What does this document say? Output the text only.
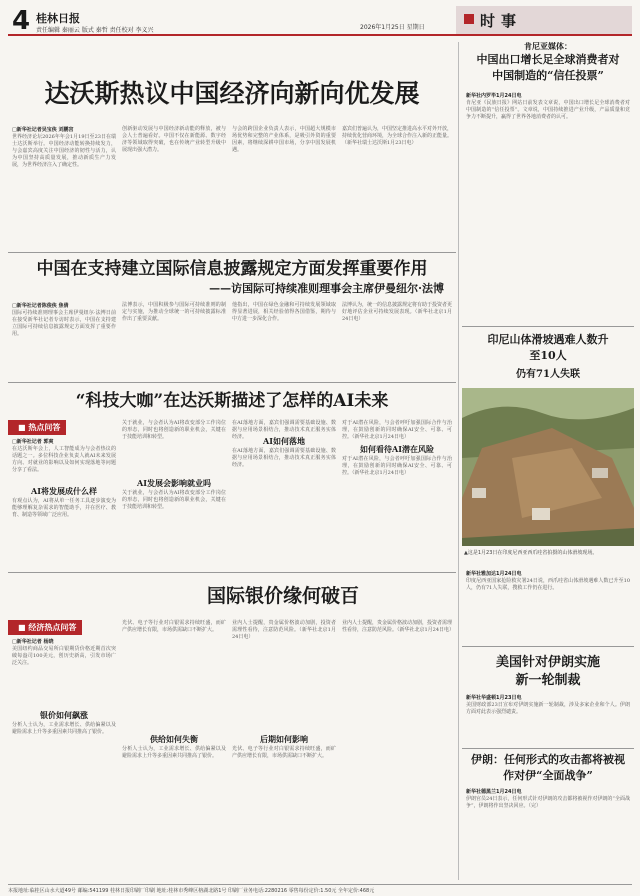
4 桂林日报
责任编辑 秦丽云 版式 秦哲 责任校对 李义兴	2026年1月25日 星期日	时事
达沃斯热议中国经济向新向优发展
□新华社记者吴宝侠 刘鹏宫
世界经济论坛2026年年会1月19日至23日在瑞士达沃斯举行。中国经济动能转换持续发力，与会嘉宾高度关注中国经济的韧性与活力，认为中国坚持高质量发展，推动新质生产力发展，为世界经济注入了确定性。
创新驱动发展与中国经济新动能的释放，被与会人士普遍看好。中国不仅在新能源、数字经济等领域取得突破，也在传统产业转型升级中展现出强大潜力。
与会的跨国企业负责人表示，中国超大规模市场优势和完整的产业体系，是吸引外资的重要因素，将继续深耕中国市场，分享中国发展机遇。
嘉宾们普遍认为，中国坚定推进高水平对外开放，持续优化营商环境，为全球合作注入新的正能量。（新华社瑞士达沃斯1月23日电）
中国在支持建立国际信息披露规定方面发挥重要作用
——访国际可持续准则理事会主席伊曼纽尔·法博
□新华社记者陈俊侠 焦倩
国际可持续准则理事会主席伊曼纽尔·法博日前在接受新华社记者专访时表示，中国在支持建立国际可持续信息披露规定方面发挥了重要作用。
法博表示，中国积极参与国际可持续准则的制定与实施，为推动全球统一的可持续披露标准作出了重要贡献。
他指出，中国在绿色金融和可持续发展领域取得显著进展，相关经验值得各国借鉴，期待与中方进一步深化合作。
法博认为，统一的信息披露规定将有助于投资者更好地评估企业可持续发展表现。（新华社北京1月24日电）
“科技大咖”在达沃斯描述了怎样的AI未来
■ 热点问答
□新华社记者 郭爽
在达沃斯年会上，人工智能成为与会者热议的话题之一。多位科技企业负责人就AI未来发展方向、对就业的影响以及如何实现落地等问题分享了看法。
AI将发展成什么样
有观点认为，AI将从单一任务工具逐步演变为能够理解复杂需求的智能助手，并在医疗、教育、制造等领域广泛应用。
关于就业，与会者认为AI将改变部分工作岗位的形态，同时也将创造新的职业机会，关键在于技能培训和转型。
AI发展会影响就业吗
关于就业，与会者认为AI将改变部分工作岗位的形态，同时也将创造新的职业机会，关键在于技能培训和转型。
在AI落地方面，嘉宾们强调需要基础设施、数据与应用场景相结合，推动技术真正服务实体经济。	AI如何落地
在AI落地方面，嘉宾们强调需要基础设施、数据与应用场景相结合，推动技术真正服务实体经济。
对于AI潜在风险，与会者呼吁加强国际合作与治理，在鼓励创新的同时确保AI安全、可靠、可控。（新华社北京1月24日电）
如何看待AI潜在风险
对于AI潜在风险，与会者呼吁加强国际合作与治理，在鼓励创新的同时确保AI安全、可靠、可控。（新华社北京1月24日电）
国际银价缘何破百
■ 经济热点问答
□新华社记者 杨晓
美国纽约商品交易所白银期货价格近期首次突破每盎司100美元，创历史新高，引发市场广泛关注。
银价如何飙涨
分析人士认为，工业需求增长、供给偏紧以及避险需求上升等多重因素共同推高了银价。
光伏、电子等行业对白银需求持续旺盛，而矿产供应增长有限，市场供需缺口不断扩大。
供给如何失衡
分析人士认为，工业需求增长、供给偏紧以及避险需求上升等多重因素共同推高了银价。
业内人士提醒，贵金属价格波动加剧，投资者需理性看待，注意防范风险。（新华社北京1月24日电）
后期如何影响
光伏、电子等行业对白银需求持续旺盛，而矿产供应增长有限，市场供需缺口不断扩大。
业内人士提醒，贵金属价格波动加剧，投资者需理性看待，注意防范风险。（新华社北京1月24日电）
肯尼亚媒体：
中国出口增长足全球消费者对中国制造的“信任投票”
新华社内罗毕1月24日电
肯尼亚《民族日报》网站日前发表文章说，中国出口增长足全球消费者对中国制造的“信任投票”。文章说，中国持续推进产业升级，产品质量和竞争力不断提升，赢得了世界各地消费者的认可。
印尼山体滑坡遇难人数升至10人
仍有71人失联
▲这是1月23日在印度尼西亚西爪哇省拍摄的山体滑坡现场。
新华社雅加达1月24日电
印度尼西亚国家抢险救灾署24日说，西爪哇省山体滑坡遇难人数已升至10人，仍有71人失联，搜救工作仍在进行。
美国针对伊朗实施新一轮制裁
新华社华盛顿1月23日电
美国财政部23日宣布对伊朗实施新一轮制裁，涉及多家企业和个人。伊朗方面对此表示强烈谴责。
伊朗：任何形式的攻击都将被视作对伊“全面战争”
新华社德黑兰1月24日电
伊朗官员24日表示，任何形式针对伊朗的攻击都将被视作对伊朗的“全面战争”，伊朗将作出坚决回应。（完）
本报地址:临桂区山水大道49号 邮编:541199 桂林日报印刷厂印刷 地址:桂林市秀峰区榕湖北路1号 印刷厂业务电话:2280216 零售每份定价:1.50元 全年定价:468元
